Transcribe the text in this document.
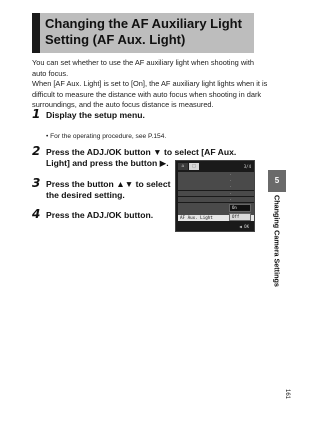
Changing the AF Auxiliary Light
Setting (AF Aux. Light)

You can set whether to use the AF auxiliary light when shooting with auto focus.

When [AF Aux. Light] is set to [On], the AF auxiliary light lights when it is difficult to measure the distance with auto focus when shooting in dark surroundings, and the auto focus distance is measured.

1 Display the setup menu.
• For the operating procedure, see P.154.
2 Press the ADJ./OK button ▼ to select [AF Aux. Light] and press the button ▶.
3 Press the button ▲▼ to select the desired setting.
4 Press the ADJ./OK button.
⌂	⬚	3/4
·
·
·
·
·
AF Aux. Light
On
Off
◀ OK
5
Changing Camera Settings
161
